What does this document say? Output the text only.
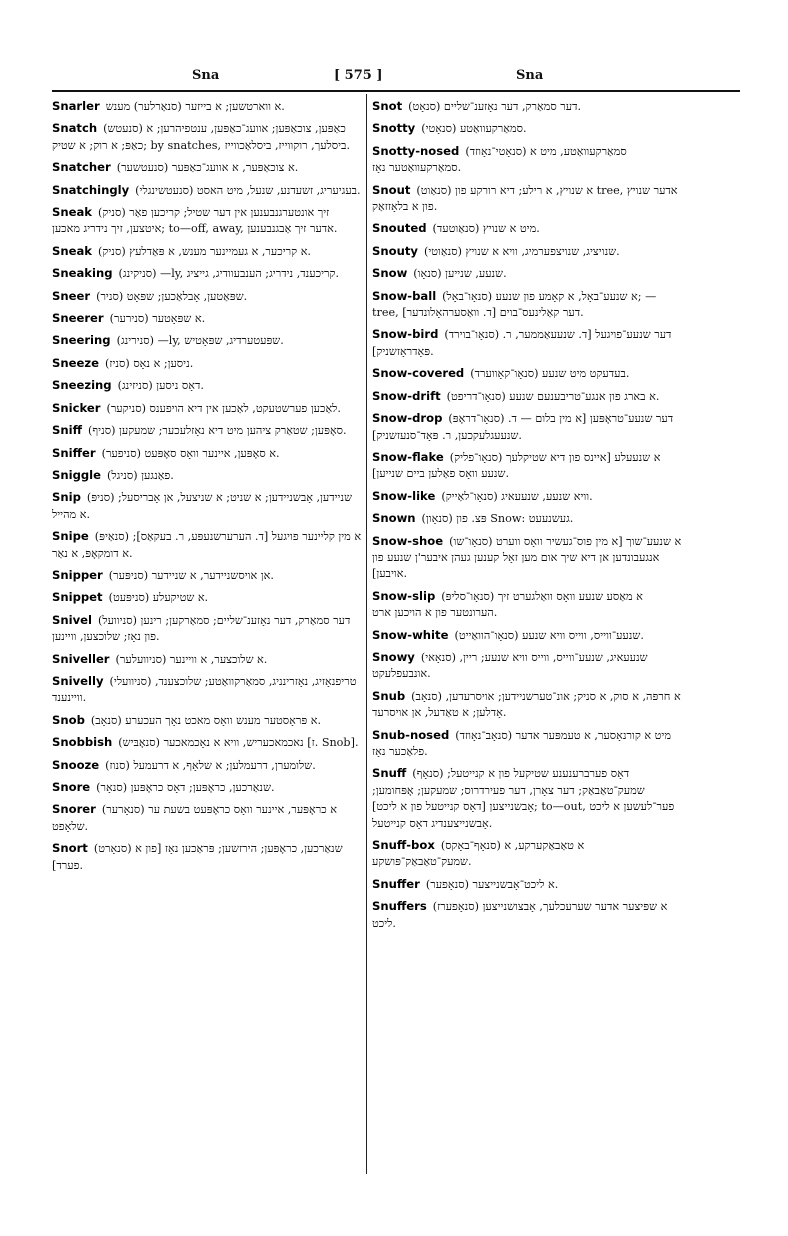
Sna	[ 575 ]	Sna
Snarler א ווארטשען; א בייזער (סנאַרלער) מענש.
Snatch (סנעטש) כאַפּען, צוכאַפּען; אוועג־כאַפּען, ענטפיהרען; א כאַפּ; א רוק; א שטיק; by snatches, ביסלעך, רוקווייז, ביסלאַכווייז.
Snatcher (סנעטשער) א צוכאַפּער, א אוועג־כאַפּער.
Snatchingly (סנעטשינגלי) בעגיעריג, זשעדנע, שנעל, מיט האסט.
Sneak (סניק) זיך אונטערגנבענען אין דער שטיל; קריכען פאַר איטצען, זיך נידריג מאכען; to—off, away, אדער זיך אַבגנבענען.
Sneak (סניק) א קריכער, א געמיינער מענש, א פּאַדלעץ.
Sneaking (סניקינג) —ly, קריכענד, נידריג; הענבעוודיג, גייציג.
Sneer (סניר) שפּאַטען, אָבלאַכען; שפּאָט.
Sneerer (סנירער) א שפּאָטער.
Sneering (סנירינג) —ly, שפּעטערדיג, שפּאָטיש.
Sneeze (סניז) ניסען; א נאָס.
Sneezing (סניזינג) דאָס ניסען.
Snicker (סניקער) לאַכען פערשטעקט, לאַכען אין דיא הויפענס.
Sniff (סניף) סאָפּען; שטאַרק ציהען מיט דיא נאָזלעכער; שמעקען.
Sniffer (סניפער) א סאָפּען, איינער וואָס סאָפּעט.
Sniggle (סניגל) פאַנגען.
Snip (סניפּ) שניידען, אָבשניידען; א שניט; א שניצעל, אן אָבריסעל; א מהייל.
Snipe (סנאַיפּ) א מין קליינער פויגעל [ד. הערערשנעפּע, ר. בעקאַס]; א דומקאָפּ, א נאַר.
Snipper (סניפּער) אן אויסשניידער, א שניידער.
Snippet (סניפּעט) א שטיקעלע.
Snivel (סניוועל) דער סמאַרק, דער נאָזענ־שליים; סמאַרקען; רינען פון נאָז; שלוכצען, וויינען.
Sniveller (סניוועלער) א שלוכצער, א וויינער.
Snivelly (סניוועלי) טריפנאָזיג, נאָזרינניג, סמאַרקוואַטע; שלוכצענד, וויינענד.
Snob (סנאָב) א פּראָסטער מענש וואָס מאכט נאָך העכערע.
Snobbish (סנאָבּיש) נאכמאכעריש, וויא א נאָכמאכער [ז. Snob].
Snooze (סנוז) שלומערן, דרעמלען; א שלאָף, א דרעמעל.
Snore (סנאָר) שנאַרכען, כראָפּען; דאָס כראָפּען.
Snorer (סנאָרער) א כראָפּער, איינער וואָס כראָפּעט בשעת ער שלאָפט.
Snort (סנאָרט) שנאַרכען, כראָפּען; הירזשען; פּראַכען נאָז [פון א פערד].
Snot (סנאָט) דער סמאַרק, דער נאָזענ־שליים.
Snotty (סנאָטי) סמאַרקעוואַטע.
Snotty-nosed (סנאָטי־נאָוזד) סמאַרקעוואַטע, מיט א סמאַרקעוואַטער נאָז.
Snout (סנאַוט) א שנויץ, א רילע; דיא רורקע פון tree, אדער שנויץ פון א בלאָזזאַק.
Snouted (סנאַוטעד) מיט א שנויץ.
Snouty (סנאַוטי) שנויציג, שנויצפערמיג, וויא א שנויץ.
Snow (סנאָו) שנעע, שנייען.
Snow-ball (סנאָו־באָל) א שנעע־באָל, א קאָמע פון שנעע; —tree, דער קאַלינעס־בוים [ד. וואַסערהאָלונדער].
Snow-bird (סנאָו־בוירד) דער שנעע־פויגעל [ד. שנעעאַממער, ר. פּאָדראָזשניק].
Snow-covered (סנאָו־קאָווערד) בעדעקט מיט שנעע.
Snow-drift (סנאָו־דריפט) א בארג פון אנגע־טריבענעם שנעע.
Snow-drop (סנאָו־דראָפּ) דער שנעע־טראָפּען [א מין בלום — ד. שנעעגלעקכען, ר. פּאָד־סנעזשניק].
Snow-flake (סנאָו־פליק) א שנעעלע [איינס פון דיא שטיקלעך שנעע וואָס פאַלען ביים שנייען].
Snow-like (סנאָו־לאַייק) וויא שנעע, שנעעאיג.
Snown (סנאָון) פּצ. פון Snow: געשנעעט.
Snow-shoe (סנאָו־שו) א שנעע־שוך [א מין פוס־געשיר וואָס ווערט אנגעבונדען אן דיא שיך אום מען זאָל קענען געהן איבער'ן שנעע פון אויבען].
Snow-slip (סנאָו־סליפּ) א מאַסע שנעע וואָס וואַלגערט זיך הערונטער פון א הויכען ארט.
Snow-white (סנאָו־הוואַייט) שנעע־ווייס, ווייס וויא שנעע.
Snowy (סנאָאי) שנעעאיג, שנעע־ווייס, ווייס וויא שנעע; ריין, אונבעפלעקט.
Snub (סנאָב) א חרפּה, א סוק, א סניק; אונ־טערשניידען; אויסרעדען, אָדלען; א טאַדעל, אן אויסרעד.
Snub-nosed (סנאָב־נאָוזד) מיט א קורנאָסער, א טעמפּער אדער פלאַכער נאָז.
Snuff (סנאָף) דאָס פערברענענע שטיקעל פון א קנייטעל; שמעק־טאַבאַק; דער צאָרן, דער פעירדרוס; שמעקען; אָפּחומען; אָבשנייצען [דאָס קנייטעל פון א ליכט]; to—out, פער־לעשען א ליכט אָבשנייצענדיג דאָס קנייטעל.
Snuff-box (סנאָף־באָקס) א טאַבאַקערקע, א שמעק־טאַבאַק־פּושקע.
Snuffer (סנאָפער) א ליכט־אָבשנייצער.
Snuffers (סנאָפערז) א שפּיצער אדער שערעכלעך, אָבצושנייצען ליכט.
